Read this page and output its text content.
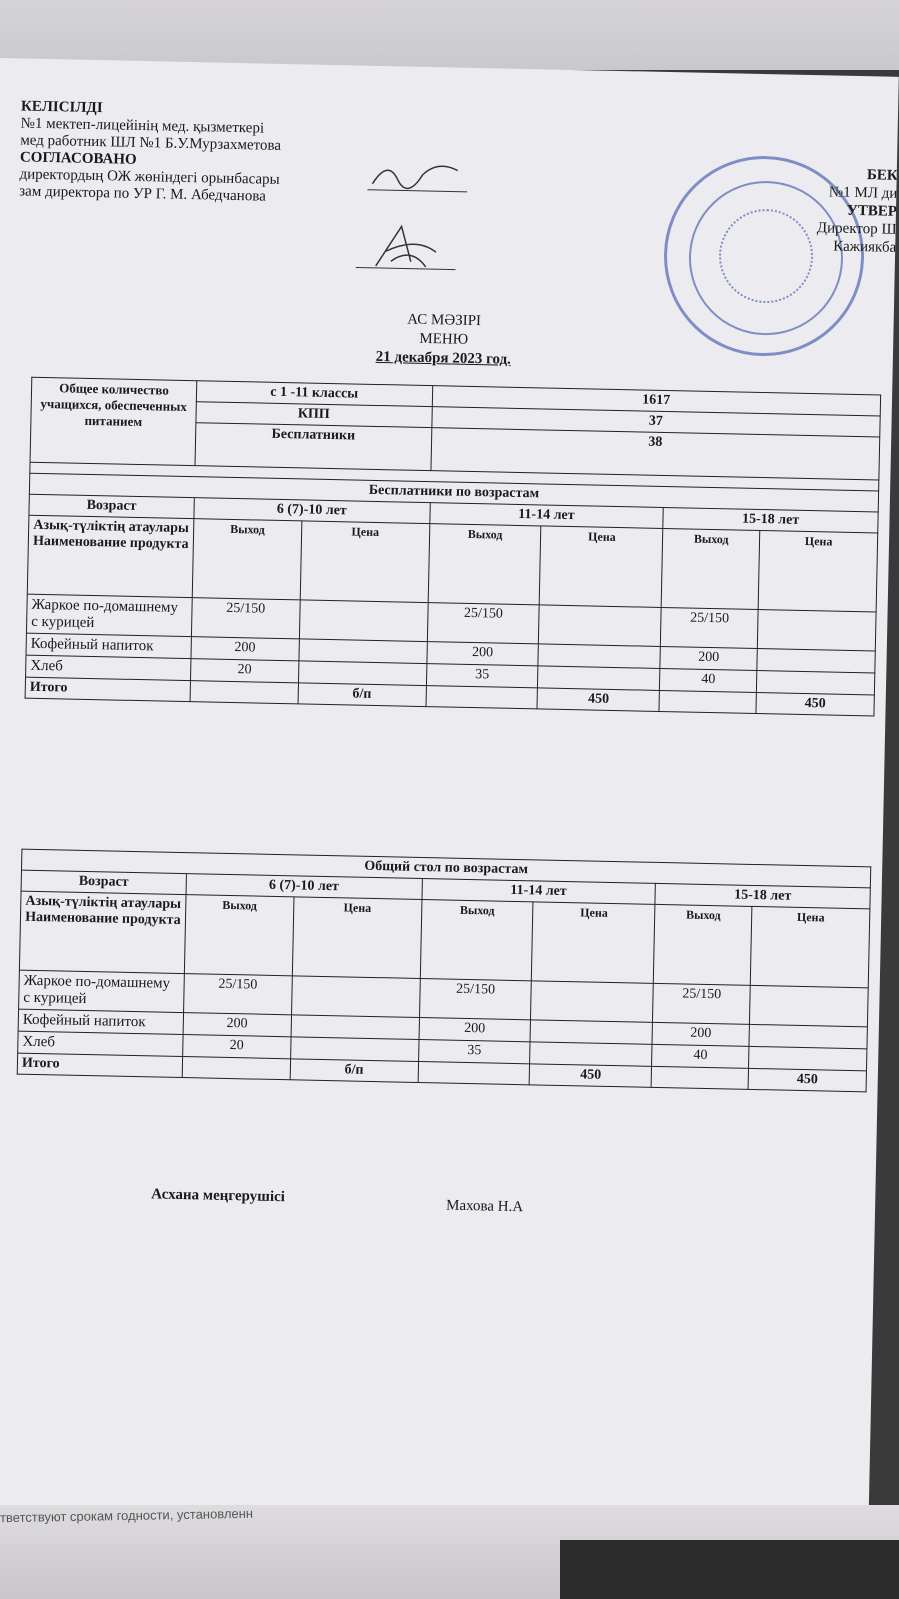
КЕЛІСІЛДІ
№1 мектеп-лицейінің мед. қызметкері
мед работник ШЛ №1 Б.У.Мурзахметова
СОГЛАСОВАНО
директордың ОЖ жөніндегі орынбасары
зам директора по УР Г. М. Абедчанова
БЕК
№1 МЛ ди
УТВЕР
Директор Ш
Кажиякба
АС МӘЗІРІ
МЕНЮ
21 декабря 2023 год.
Общее количество учащихся, обеспеченных питанием	с 1 -11 классы		1617			
	КПП		37			
	Бесплатники		38			

Бесплатники по возрастам						
Возраст	6 (7)-10 лет		11-14 лет		15-18 лет	
Азық-түліктің атаулары Наименование продукта	Выход	Цена	Выход	Цена	Выход	Цена
Жаркое по-домашнему с курицей	25/150		25/150		25/150	
Кофейный напиток	200		200		200	
Хлеб	20		35		40	
Итого		б/п		450		450
Общий стол по возрастам						
Возраст	6 (7)-10 лет		11-14 лет		15-18 лет	
Азық-түліктің атаулары Наименование продукта	Выход	Цена	Выход	Цена	Выход	Цена
Жаркое по-домашнему с курицей	25/150		25/150		25/150	
Кофейный напиток	200		200		200	
Хлеб	20		35		40	
Итого		б/п		450		450
Асхана меңгерушісі
Махова Н.А
тветствуют срокам годности, установленн
